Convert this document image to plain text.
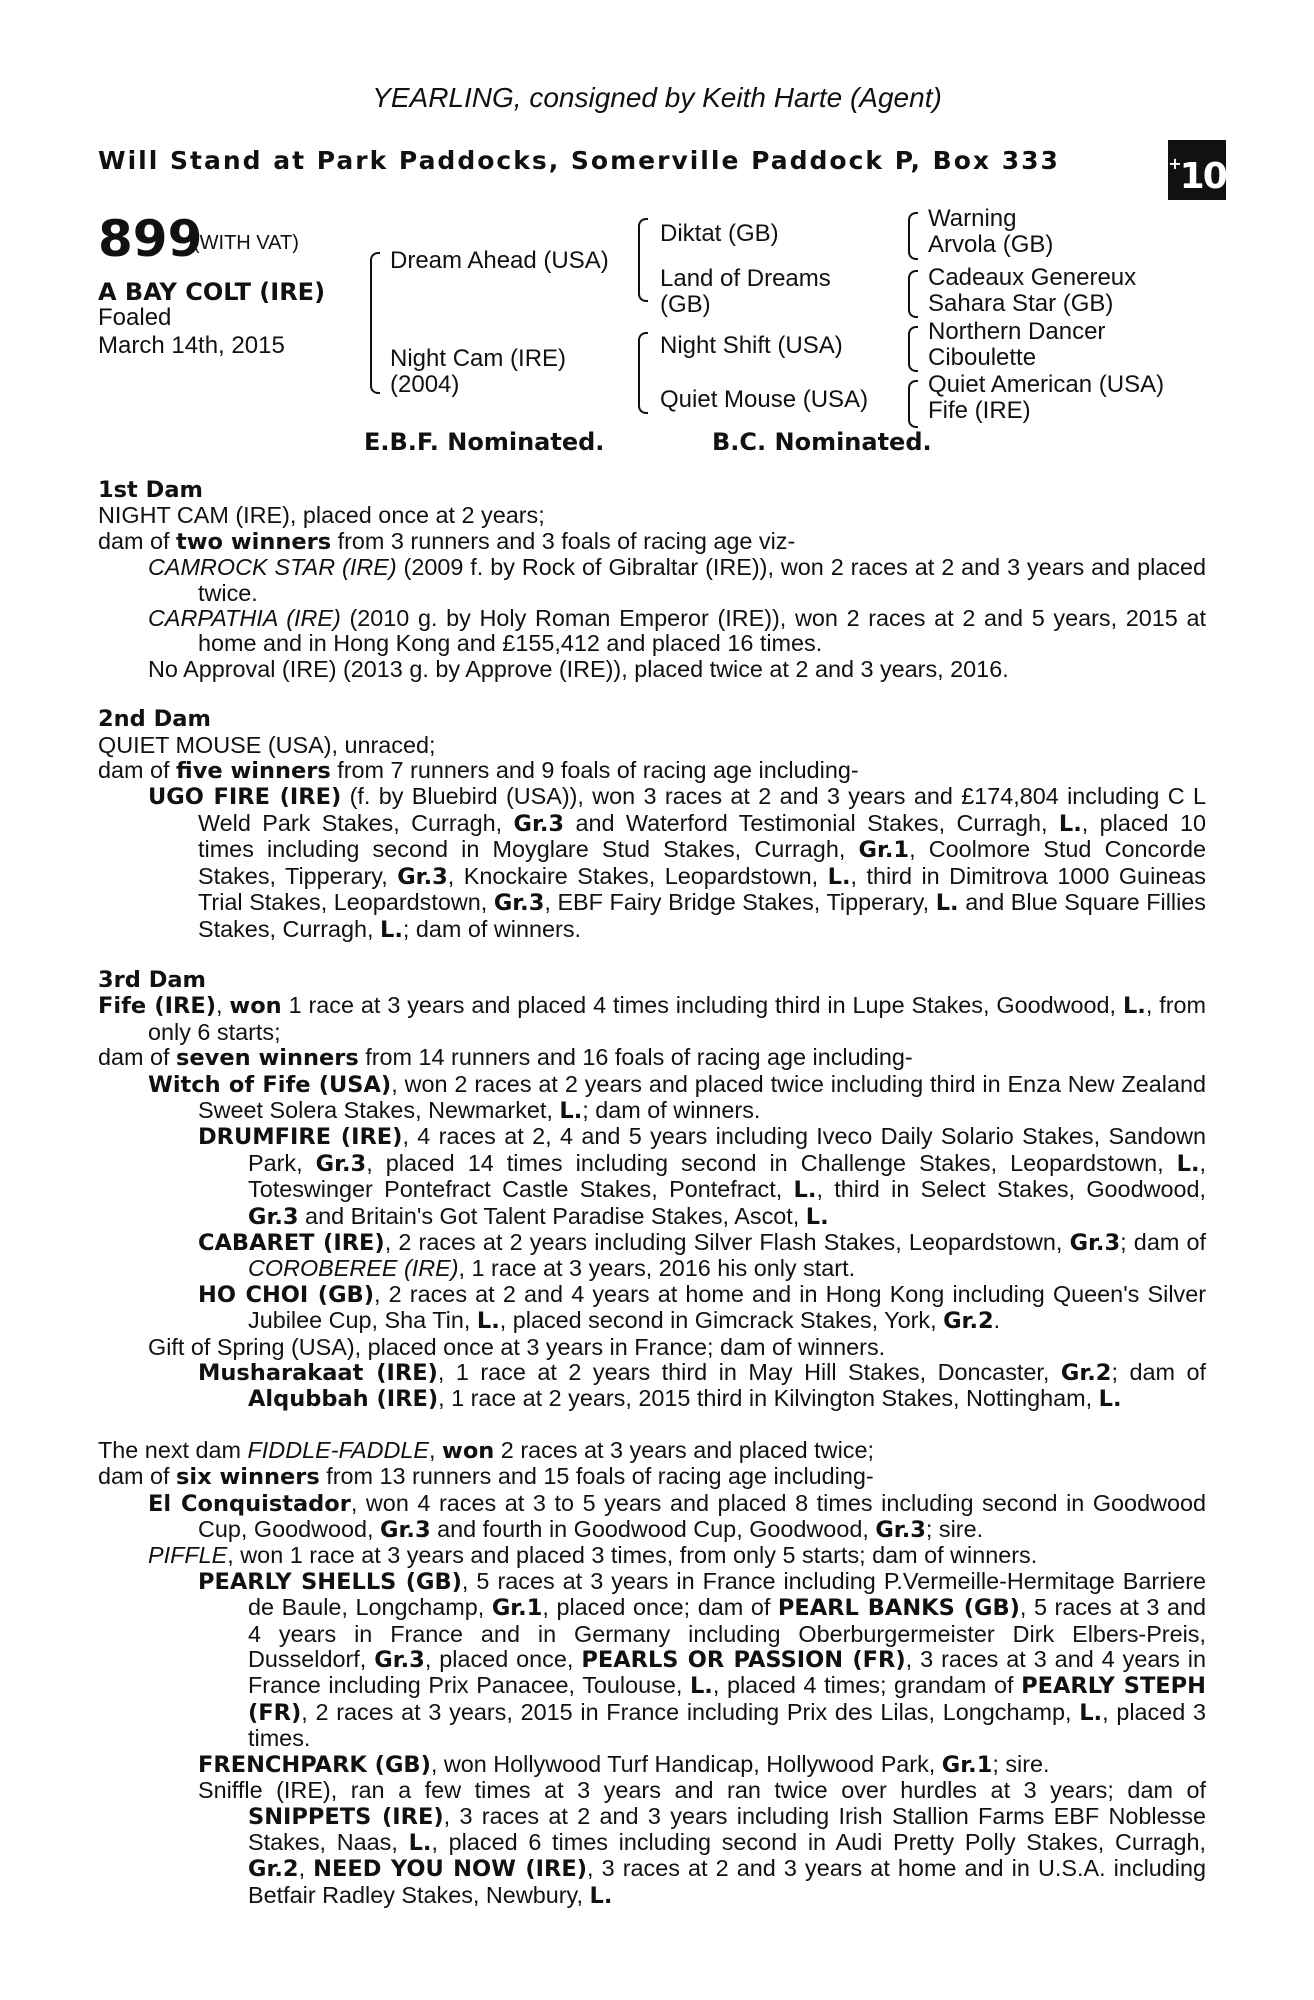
YEARLING, consigned by Keith Harte (Agent)
Will Stand at Park Paddocks, Somerville Paddock P, Box 333	+10
899
(WITH VAT)
A BAY COLT (IRE)
Foaled
March 14th, 2015
Dream Ahead (USA)
Night Cam (IRE)
(2004)
Diktat (GB)
Land of Dreams
(GB)
Night Shift (USA)
Quiet Mouse (USA)
Warning
Arvola (GB)
Cadeaux Genereux
Sahara Star (GB)
Northern Dancer
Ciboulette
Quiet American (USA)
Fife (IRE)
E.B.F. Nominated.	B.C. Nominated.

1st Dam

NIGHT CAM (IRE), placed once at 2 years;

dam of two winners from 3 runners and 3 foals of racing age viz-

CAMROCK STAR (IRE) (2009 f. by Rock of Gibraltar (IRE)), won 2 races at 2 and 3 years and placed twice.

CARPATHIA (IRE) (2010 g. by Holy Roman Emperor (IRE)), won 2 races at 2 and 5 years, 2015 at home and in Hong Kong and £155,412 and placed 16 times.

No Approval (IRE) (2013 g. by Approve (IRE)), placed twice at 2 and 3 years, 2016.

2nd Dam

QUIET MOUSE (USA), unraced;

dam of five winners from 7 runners and 9 foals of racing age including-

UGO FIRE (IRE) (f. by Bluebird (USA)), won 3 races at 2 and 3 years and £174,804 including C L Weld Park Stakes, Curragh, Gr.3 and Waterford Testimonial Stakes, Curragh, L., placed 10 times including second in Moyglare Stud Stakes, Curragh, Gr.1, Coolmore Stud Concorde Stakes, Tipperary, Gr.3, Knockaire Stakes, Leopardstown, L., third in Dimitrova 1000 Guineas Trial Stakes, Leopardstown, Gr.3, EBF Fairy Bridge Stakes, Tipperary, L. and Blue Square Fillies Stakes, Curragh, L.; dam of winners.

3rd Dam

Fife (IRE), won 1 race at 3 years and placed 4 times including third in Lupe Stakes, Goodwood, L., from only 6 starts;

dam of seven winners from 14 runners and 16 foals of racing age including-

Witch of Fife (USA), won 2 races at 2 years and placed twice including third in Enza New Zealand Sweet Solera Stakes, Newmarket, L.; dam of winners.

DRUMFIRE (IRE), 4 races at 2, 4 and 5 years including Iveco Daily Solario Stakes, Sandown Park, Gr.3, placed 14 times including second in Challenge Stakes, Leopardstown, L., Toteswinger Pontefract Castle Stakes, Pontefract, L., third in Select Stakes, Goodwood, Gr.3 and Britain's Got Talent Paradise Stakes, Ascot, L.

CABARET (IRE), 2 races at 2 years including Silver Flash Stakes, Leopardstown, Gr.3; dam of COROBEREE (IRE), 1 race at 3 years, 2016 his only start.

HO CHOI (GB), 2 races at 2 and 4 years at home and in Hong Kong including Queen's Silver Jubilee Cup, Sha Tin, L., placed second in Gimcrack Stakes, York, Gr.2.

Gift of Spring (USA), placed once at 3 years in France; dam of winners.

Musharakaat (IRE), 1 race at 2 years third in May Hill Stakes, Doncaster, Gr.2; dam of Alqubbah (IRE), 1 race at 2 years, 2015 third in Kilvington Stakes, Nottingham, L.

The next dam FIDDLE-FADDLE, won 2 races at 3 years and placed twice;

dam of six winners from 13 runners and 15 foals of racing age including-

El Conquistador, won 4 races at 3 to 5 years and placed 8 times including second in Goodwood Cup, Goodwood, Gr.3 and fourth in Goodwood Cup, Goodwood, Gr.3; sire.

PIFFLE, won 1 race at 3 years and placed 3 times, from only 5 starts; dam of winners.

PEARLY SHELLS (GB), 5 races at 3 years in France including P.Vermeille-Hermitage Barriere de Baule, Longchamp, Gr.1, placed once; dam of PEARL BANKS (GB), 5 races at 3 and 4 years in France and in Germany including Oberburgermeister Dirk Elbers-Preis, Dusseldorf, Gr.3, placed once, PEARLS OR PASSION (FR), 3 races at 3 and 4 years in France including Prix Panacee, Toulouse, L., placed 4 times; grandam of PEARLY STEPH (FR), 2 races at 3 years, 2015 in France including Prix des Lilas, Longchamp, L., placed 3 times.

FRENCHPARK (GB), won Hollywood Turf Handicap, Hollywood Park, Gr.1; sire.

Sniffle (IRE), ran a few times at 3 years and ran twice over hurdles at 3 years; dam of SNIPPETS (IRE), 3 races at 2 and 3 years including Irish Stallion Farms EBF Noblesse Stakes, Naas, L., placed 6 times including second in Audi Pretty Polly Stakes, Curragh, Gr.2, NEED YOU NOW (IRE), 3 races at 2 and 3 years at home and in U.S.A. including Betfair Radley Stakes, Newbury, L.
